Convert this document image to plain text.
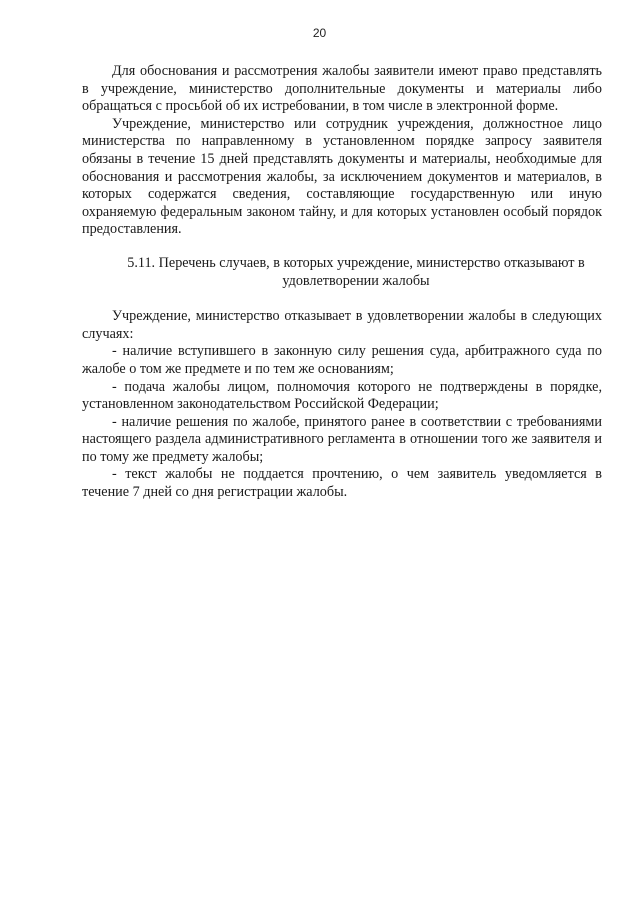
20

Для обоснования и рассмотрения жалобы заявители имеют право представлять в учреждение, министерство дополнительные документы и материалы либо обращаться с просьбой об их истребовании, в том числе в электронной форме.

Учреждение, министерство или сотрудник учреждения, должностное лицо министерства по направленному в установленном порядке запросу заявителя обязаны в течение 15 дней представлять документы и материалы, необходимые для обоснования и рассмотрения жалобы, за исключением документов и материалов, в которых содержатся сведения, составляющие государственную или иную охраняемую федеральным законом тайну, и для которых установлен особый порядок предоставления.

5.11. Перечень случаев, в которых учреждение, министерство отказывают в
удовлетворении жалобы

Учреждение, министерство отказывает в удовлетворении жалобы в следующих случаях:

- наличие вступившего в законную силу решения суда, арбитражного суда по жалобе о том же предмете и по тем же основаниям;

- подача жалобы лицом, полномочия которого не подтверждены в порядке, установленном законодательством Российской Федерации;

- наличие решения по жалобе, принятого ранее в соответствии с требованиями настоящего раздела административного регламента в отношении того же заявителя и по тому же предмету жалобы;

- текст жалобы не поддается прочтению, о чем заявитель уведомляется в течение 7 дней со дня регистрации жалобы.
